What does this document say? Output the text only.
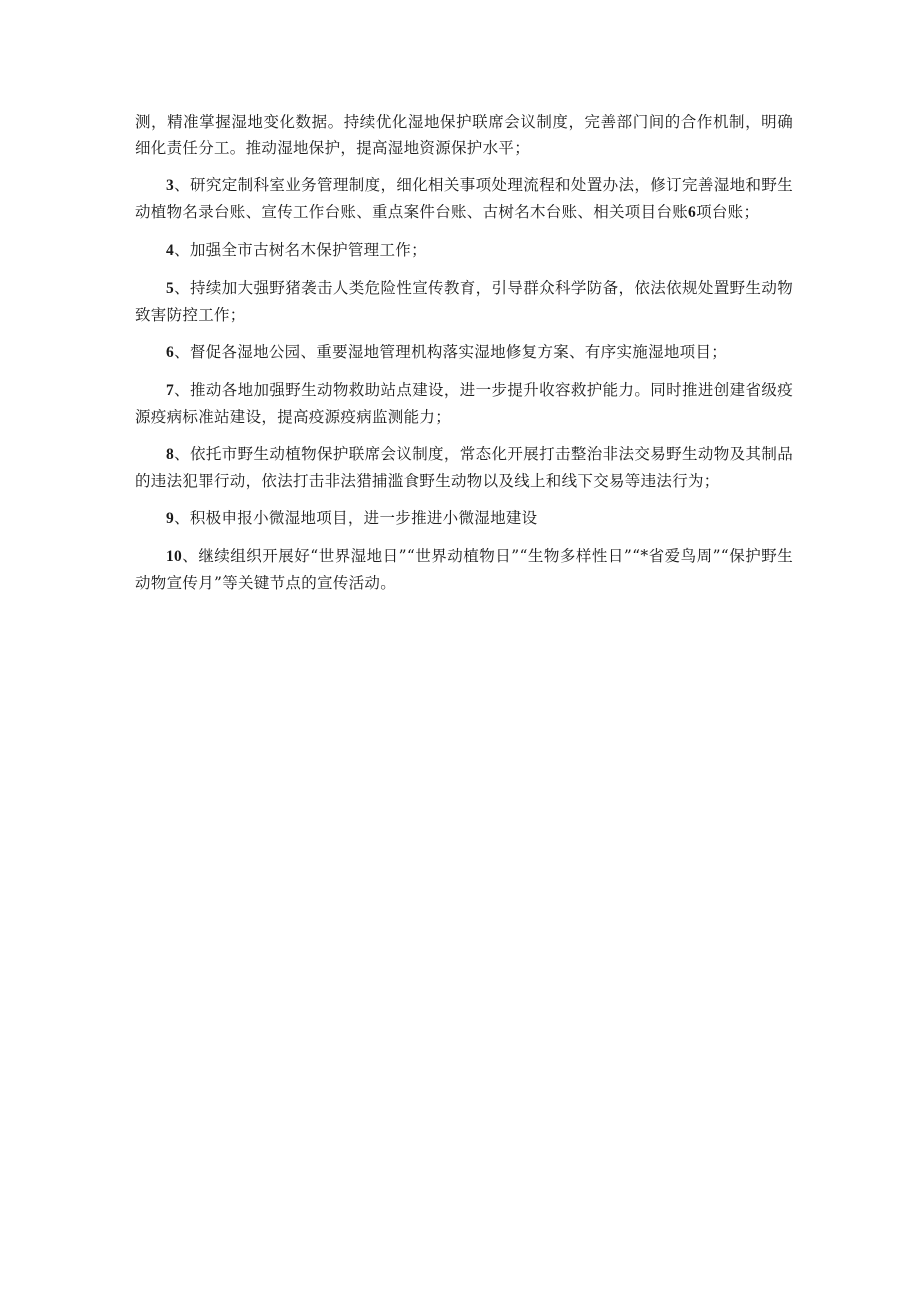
测，精准掌握湿地变化数据。持续优化湿地保护联席会议制度，完善部门间的合作机制，明确细化责任分工。推动湿地保护，提高湿地资源保护水平；

3、研究定制科室业务管理制度，细化相关事项处理流程和处置办法，修订完善湿地和野生动植物名录台账、宣传工作台账、重点案件台账、古树名木台账、相关项目台账6项台账；

4、加强全市古树名木保护管理工作；

5、持续加大强野猪袭击人类危险性宣传教育，引导群众科学防备，依法依规处置野生动物致害防控工作；

6、督促各湿地公园、重要湿地管理机构落实湿地修复方案、有序实施湿地项目；

7、推动各地加强野生动物救助站点建设，进一步提升收容救护能力。同时推进创建省级疫源疫病标准站建设，提高疫源疫病监测能力；

8、依托市野生动植物保护联席会议制度，常态化开展打击整治非法交易野生动物及其制品的违法犯罪行动，依法打击非法猎捕滥食野生动物以及线上和线下交易等违法行为；

9、积极申报小微湿地项目，进一步推进小微湿地建设

10、继续组织开展好“世界湿地日”“世界动植物日”“生物多样性日”“*省爱鸟周”“保护野生动物宣传月”等关键节点的宣传活动。
